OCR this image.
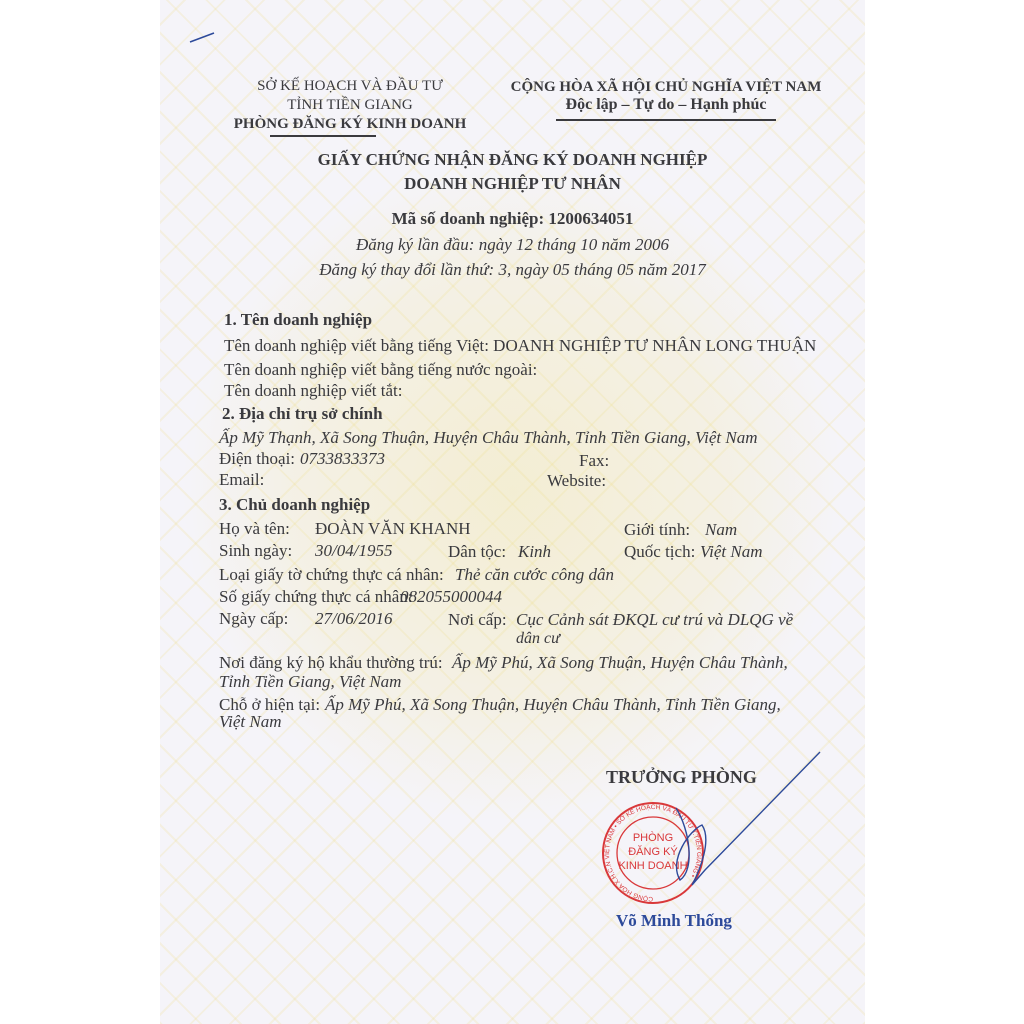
SỞ KẾ HOẠCH VÀ ĐẦU TƯ
TỈNH TIỀN GIANG
PHÒNG ĐĂNG KÝ KINH DOANH
CỘNG HÒA XÃ HỘI CHỦ NGHĨA VIỆT NAM
Độc lập – Tự do – Hạnh phúc
GIẤY CHỨNG NHẬN ĐĂNG KÝ DOANH NGHIỆP
DOANH NGHIỆP TƯ NHÂN
Mã số doanh nghiệp: 1200634051
Đăng ký lần đầu: ngày 12 tháng 10 năm 2006
Đăng ký thay đổi lần thứ: 3, ngày 05 tháng 05 năm 2017
1. Tên doanh nghiệp
Tên doanh nghiệp viết bằng tiếng Việt: DOANH NGHIỆP TƯ NHÂN LONG THUẬN
Tên doanh nghiệp viết bằng tiếng nước ngoài:
Tên doanh nghiệp viết tắt:
2. Địa chỉ trụ sở chính
Ấp Mỹ Thạnh, Xã Song Thuận, Huyện Châu Thành, Tỉnh Tiền Giang, Việt Nam
Điện thoại: 0733833373	Fax:
Email:	Website:
3. Chủ doanh nghiệp
Họ và tên: ĐOÀN VĂN KHANH	Giới tính: Nam
Sinh ngày: 30/04/1955	Dân tộc: Kinh	Quốc tịch: Việt Nam
Loại giấy tờ chứng thực cá nhân: Thẻ căn cước công dân
Số giấy chứng thực cá nhân:
082055000044
Ngày cấp: 27/06/2016	Nơi cấp: Cục Cảnh sát ĐKQL cư trú và DLQG về
dân cư
Nơi đăng ký hộ khẩu thường trú: Ấp Mỹ Phú, Xã Song Thuận, Huyện Châu Thành,
Tỉnh Tiền Giang, Việt Nam
Chỗ ở hiện tại: Ấp Mỹ Phú, Xã Song Thuận, Huyện Châu Thành, Tỉnh Tiền Giang,
Việt Nam
TRƯỞNG PHÒNG
PHÒNG
ĐĂNG KÝ
KINH DOANH
CỘNG HÒA X.H.C.N VIỆT NAM • SỞ KẾ HOẠCH VÀ ĐẦU TƯ T.TIỀN GIANG •
Võ Minh Thống
